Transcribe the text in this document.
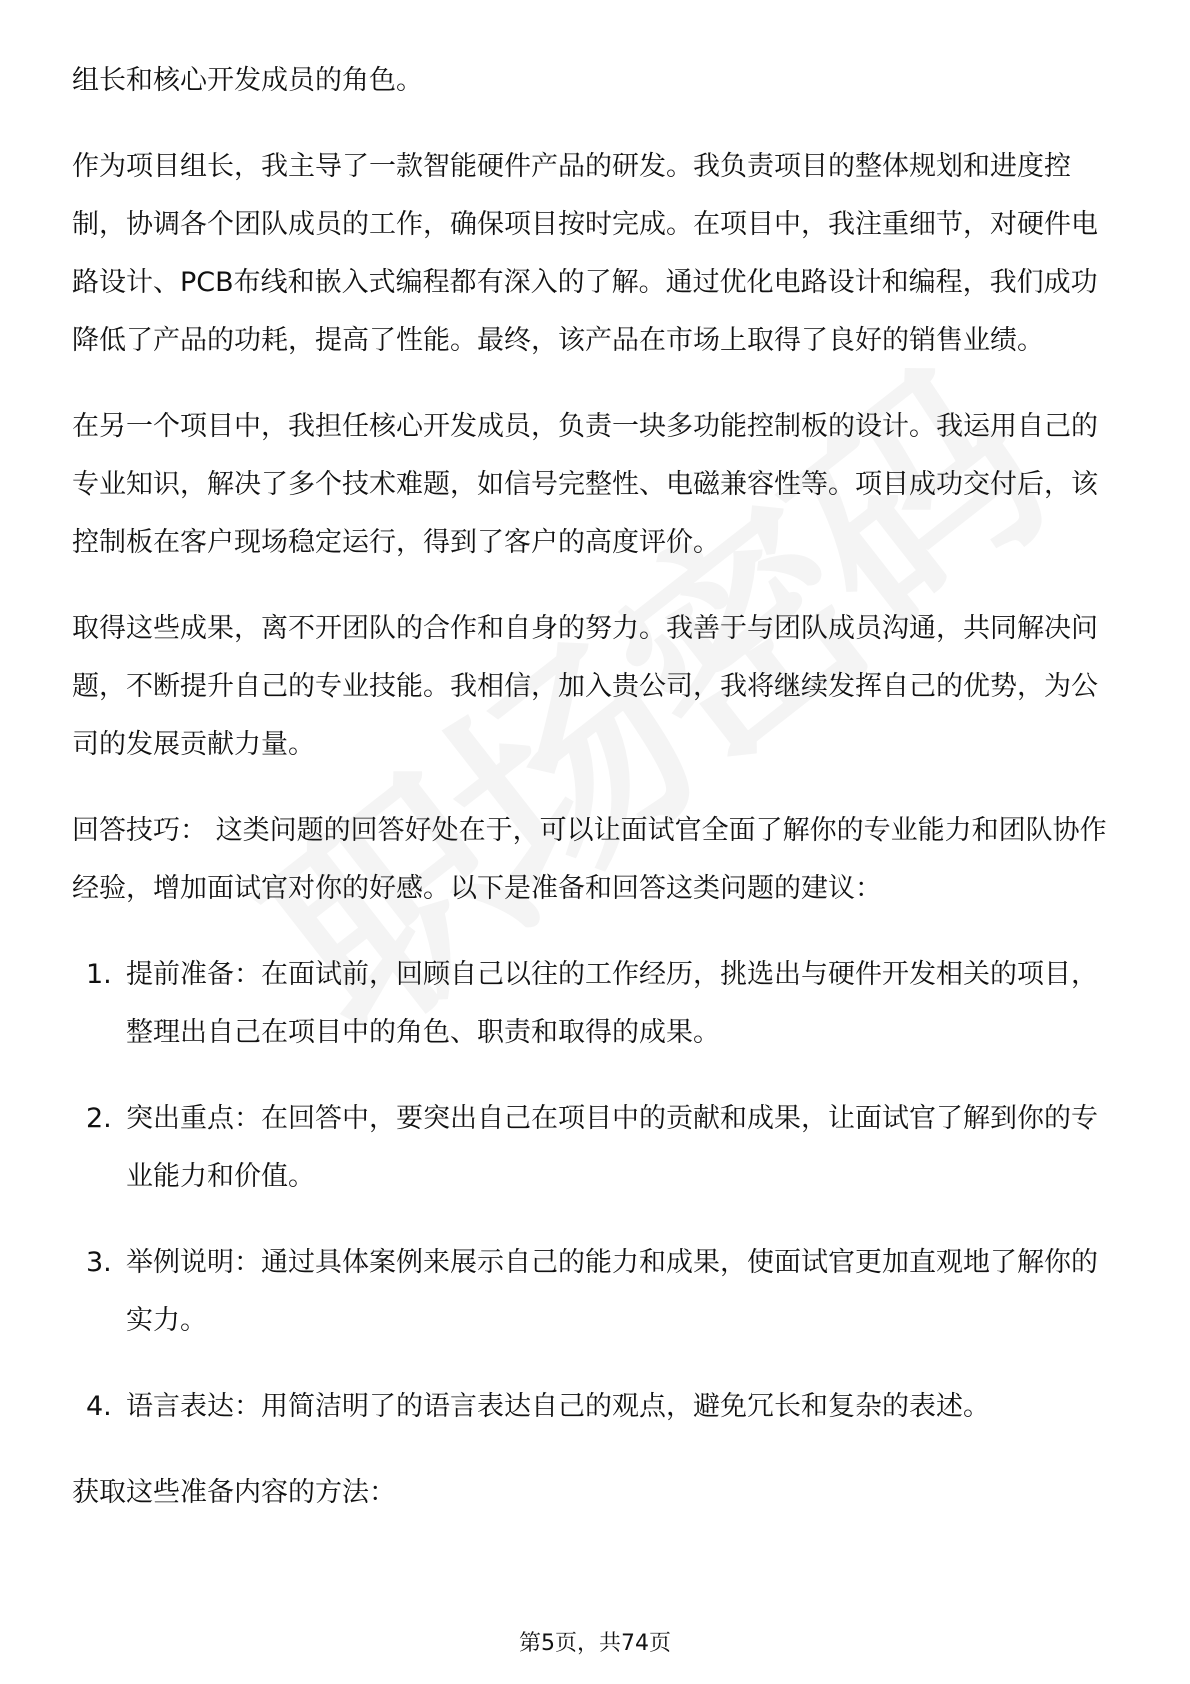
组长和核心开发成员的角色。

作为项目组长，我主导了一款智能硬件产品的研发。我负责项目的整体规划和进度控制，协调各个团队成员的工作，确保项目按时完成。在项目中，我注重细节，对硬件电路设计、PCB布线和嵌入式编程都有深入的了解。通过优化电路设计和编程，我们成功降低了产品的功耗，提高了性能。最终，该产品在市场上取得了良好的销售业绩。

在另一个项目中，我担任核心开发成员，负责一块多功能控制板的设计。我运用自己的专业知识，解决了多个技术难题，如信号完整性、电磁兼容性等。项目成功交付后，该控制板在客户现场稳定运行，得到了客户的高度评价。

取得这些成果，离不开团队的合作和自身的努力。我善于与团队成员沟通，共同解决问题，不断提升自己的专业技能。我相信，加入贵公司，我将继续发挥自己的优势，为公司的发展贡献力量。

回答技巧： 这类问题的回答好处在于，可以让面试官全面了解你的专业能力和团队协作经验，增加面试官对你的好感。以下是准备和回答这类问题的建议：

1. 提前准备：在面试前，回顾自己以往的工作经历，挑选出与硬件开发相关的项目，整理出自己在项目中的角色、职责和取得的成果。
2. 突出重点：在回答中，要突出自己在项目中的贡献和成果，让面试官了解到你的专业能力和价值。
3. 举例说明：通过具体案例来展示自己的能力和成果，使面试官更加直观地了解你的实力。
4. 语言表达：用简洁明了的语言表达自己的观点，避免冗长和复杂的表述。

获取这些准备内容的方法：

第5页，共74页
